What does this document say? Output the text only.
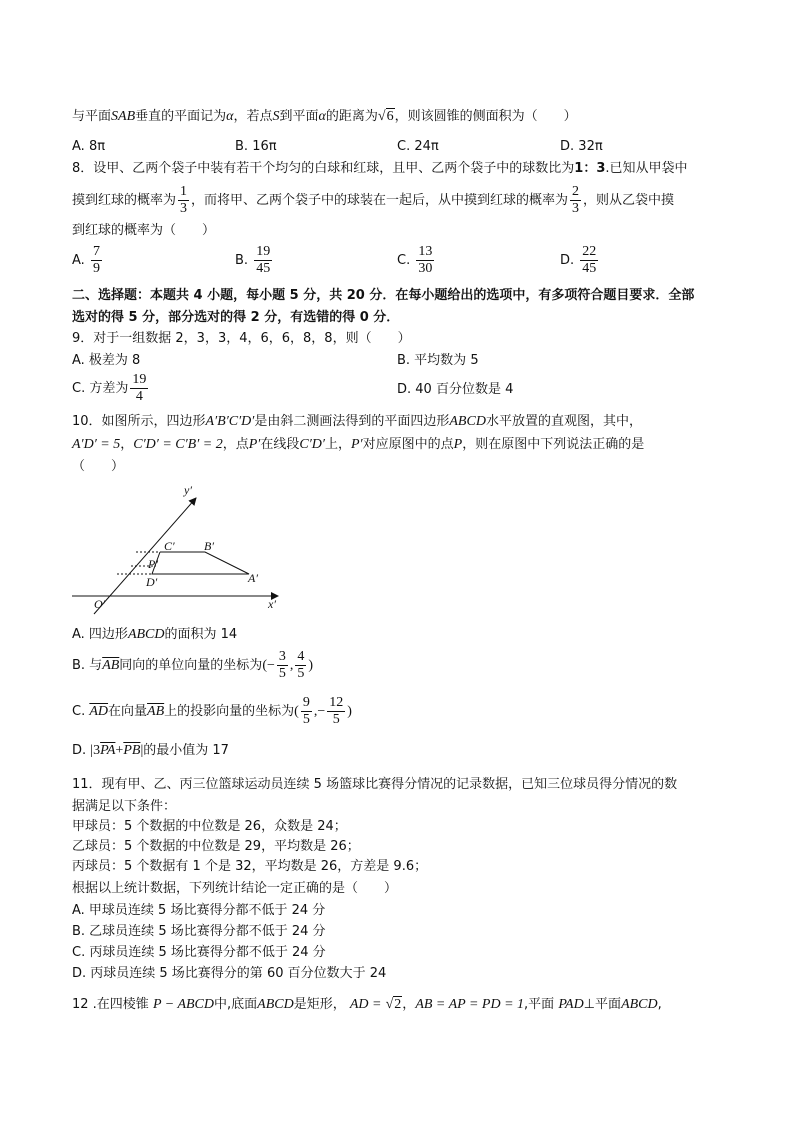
与平面SAB垂直的平面记为α，若点S到平面α的距离为√6，则该圆锥的侧面积为（　　）
A. 8π	B. 16π	C. 24π	D. 32π
8．设甲、乙两个袋子中装有若干个均匀的白球和红球，且甲、乙两个袋子中的球数比为1：3.已知从甲袋中
摸到红球的概率为 $\frac{1}{3}$ ，而将甲、乙两个袋子中的球装在一起后，从中摸到红球的概率为 $\frac{2}{3}$ ，则从乙袋中摸
到红球的概率为（　　）
A. $\frac{7}{9}$	B. $\frac{19}{45}$	C. $\frac{13}{30}$	D. $\frac{22}{45}$
二、选择题：本题共 4 小题，每小题 5 分，共 20 分．在每小题给出的选项中，有多项符合题目要求．全部
选对的得 5 分，部分选对的得 2 分，有选错的得 0 分．
9．对于一组数据 2，3，3，4，6，6，8，8，则（　　）
A. 极差为 8	B. 平均数为 5
C. 方差为 $\frac{19}{4}$	D. 40 百分位数是 4
10．如图所示，四边形A′B′C′D′是由斜二测画法得到的平面四边形ABCD水平放置的直观图，其中，
A′D′ = 5，C′D′ = C′B′ = 2，点P′在线段C′D′上，P′对应原图中的点P，则在原图中下列说法正确的是
（　　）
y′
x′
O′
C′ B′
P′
D′	A′
A. 四边形ABCD的面积为 14
B. 与$\overline{AB}$同向的单位向量的坐标为(− $\frac{3}{5}$ , $\frac{4}{5}$ )
C. $\overline{AD}$在向量$\overline{AB}$上的投影向量的坐标为( $\frac{9}{5}$ ,− $\frac{12}{5}$ )
D. $|3\overline{PA}+\overline{PB}|$的最小值为 17
11．现有甲、乙、丙三位篮球运动员连续 5 场篮球比赛得分情况的记录数据，已知三位球员得分情况的数
据满足以下条件：
甲球员：5 个数据的中位数是 26，众数是 24；
乙球员：5 个数据的中位数是 29，平均数是 26；
丙球员：5 个数据有 1 个是 32，平均数是 26，方差是 9.6；
根据以上统计数据，下列统计结论一定正确的是（　　）
A. 甲球员连续 5 场比赛得分都不低于 24 分
B. 乙球员连续 5 场比赛得分都不低于 24 分
C. 丙球员连续 5 场比赛得分都不低于 24 分
D. 丙球员连续 5 场比赛得分的第 60 百分位数大于 24
12 .在四棱锥 P − ABCD中,底面ABCD是矩形， AD = √2，AB = AP = PD = 1,平面 PAD⊥平面ABCD,
